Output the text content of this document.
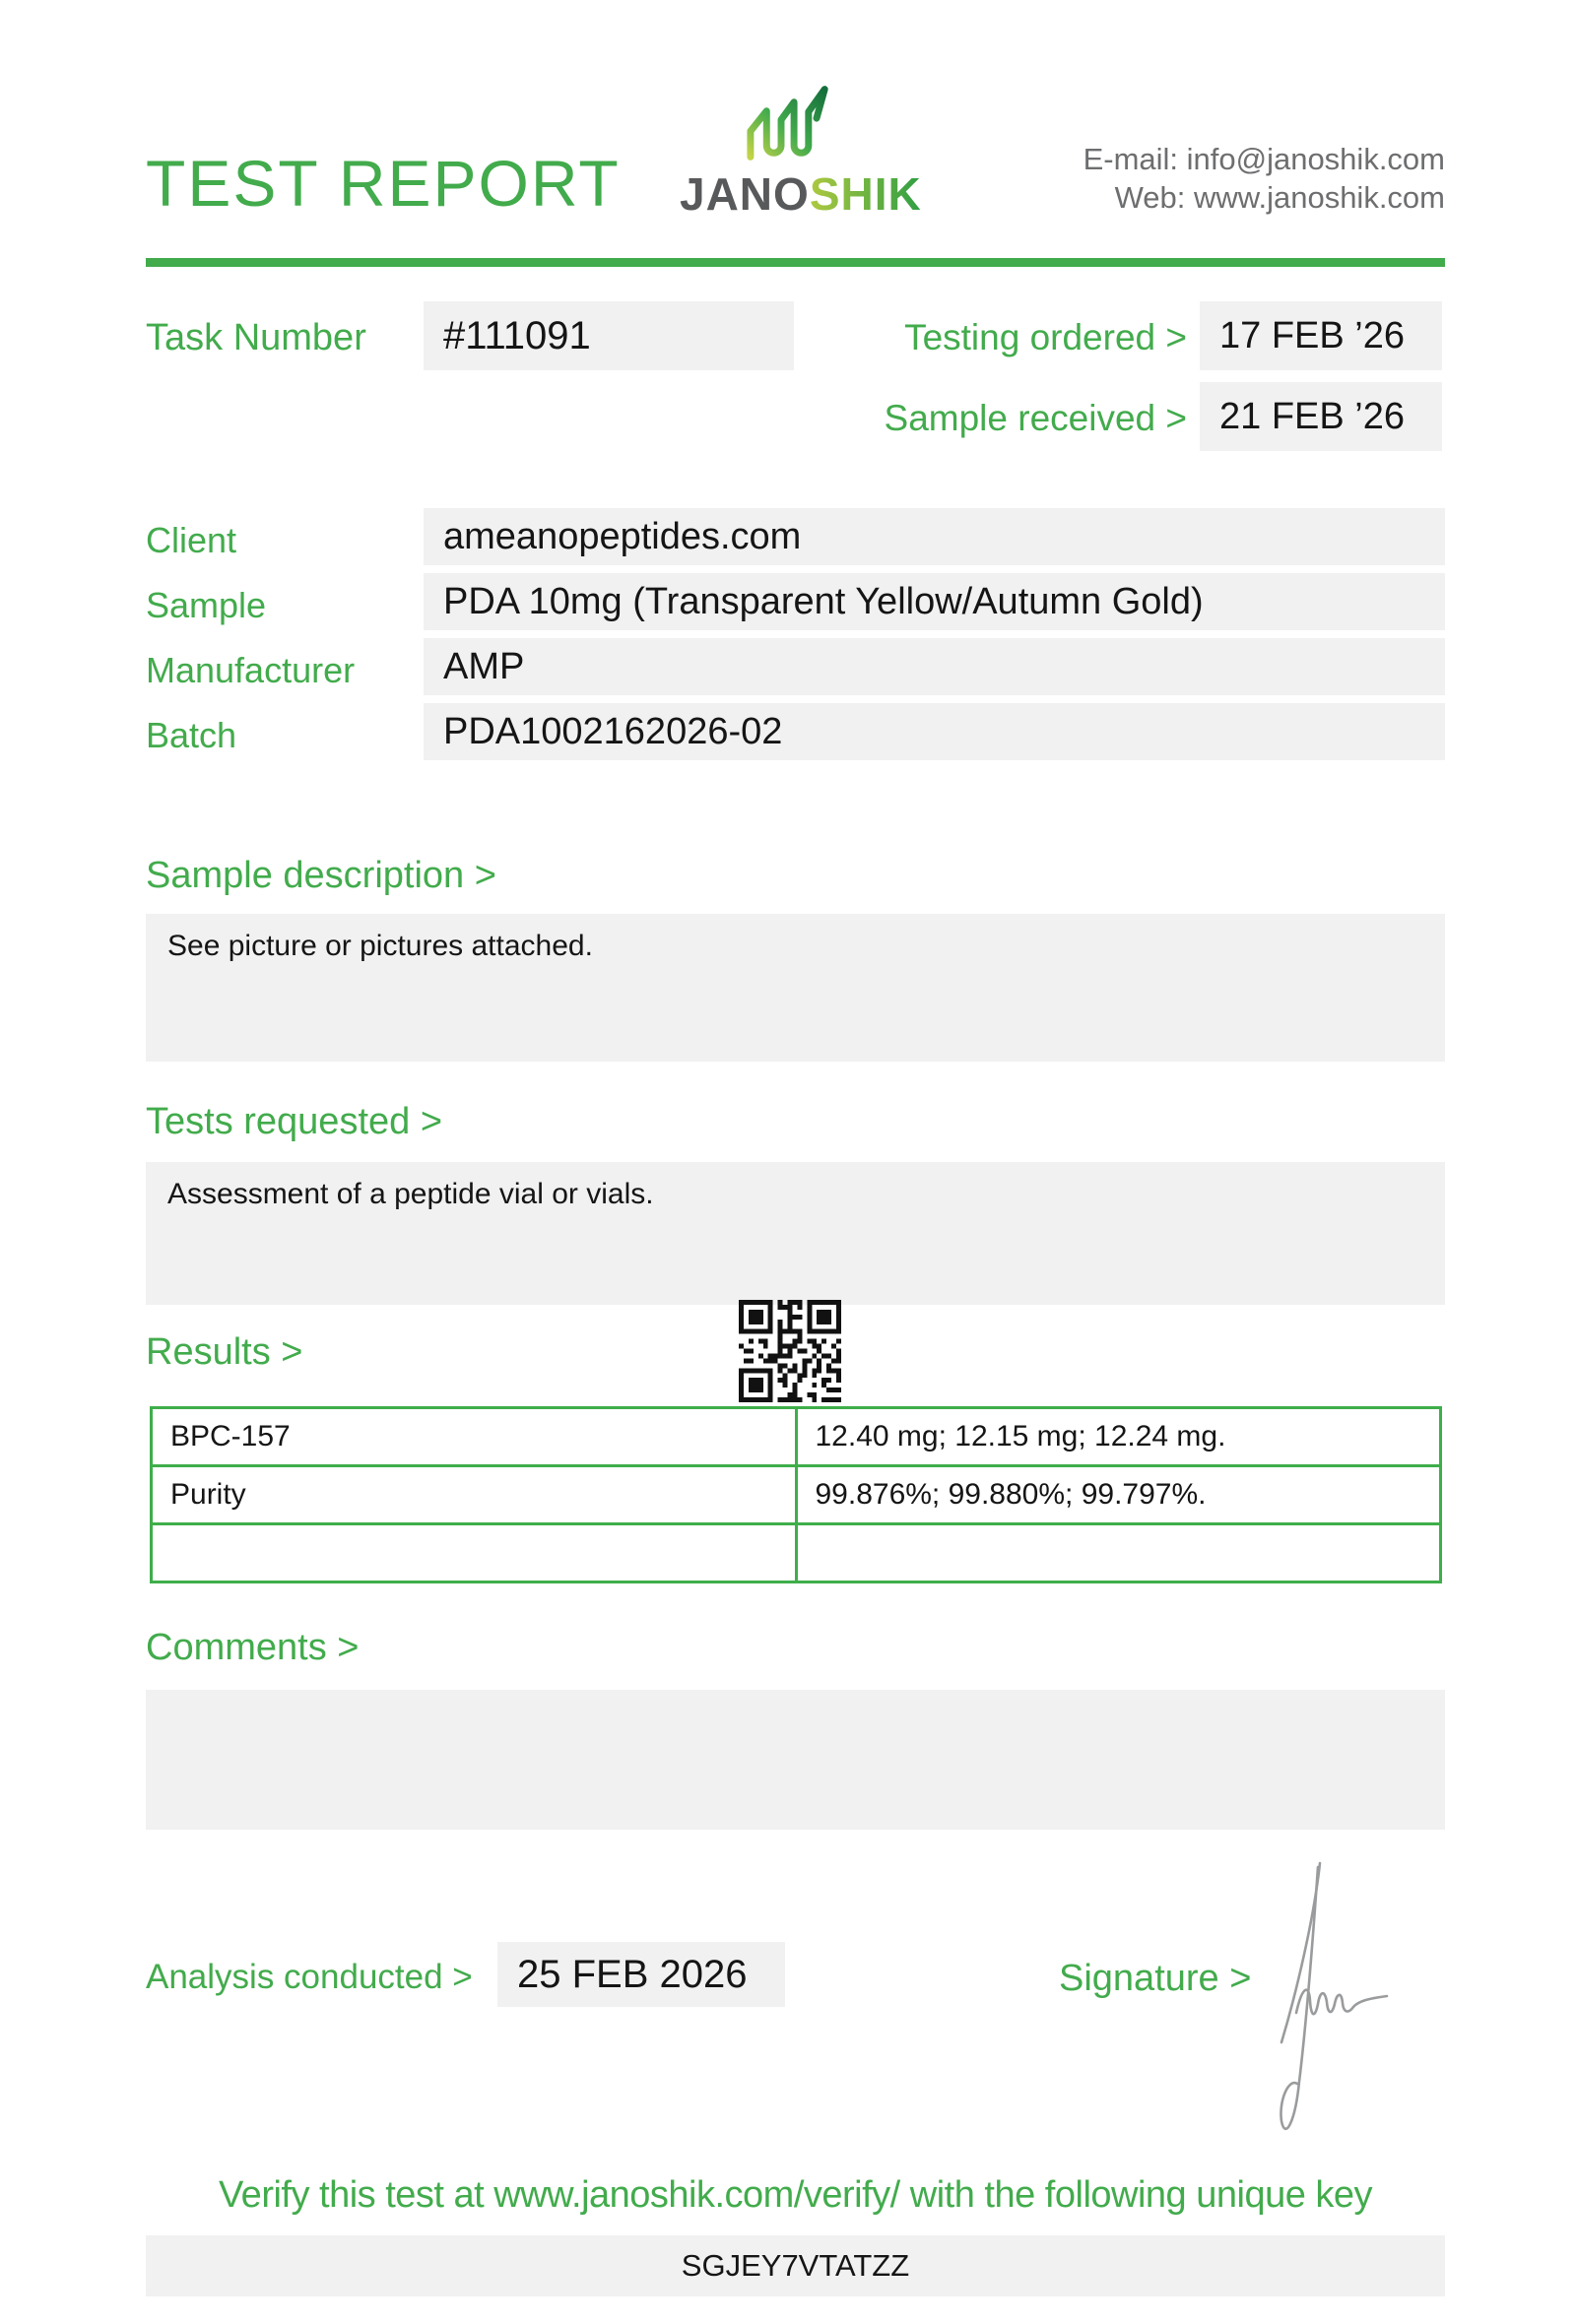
TEST REPORT JANOSHIK
E-mail: info@janoshik.com
Web: www.janoshik.com
Task Number #111091	Testing ordered > 17 FEB ’26
Sample received > 21 FEB ’26
Client	ameanopeptides.com
Sample	PDA 10mg (Transparent Yellow/Autumn Gold)
Manufacturer AMP
Batch	PDA1002162026-02
Sample description >
See picture or pictures attached.
Tests requested >
Assessment of a peptide vial or vials.
Results >
BPC-157	12.40 mg; 12.15 mg; 12.24 mg.
Purity	99.876%; 99.880%; 99.797%.

Comments >
Analysis conducted > 25 FEB 2026	Signature >
Verify this test at www.janoshik.com/verify/ with the following unique key
SGJEY7VTATZZ
